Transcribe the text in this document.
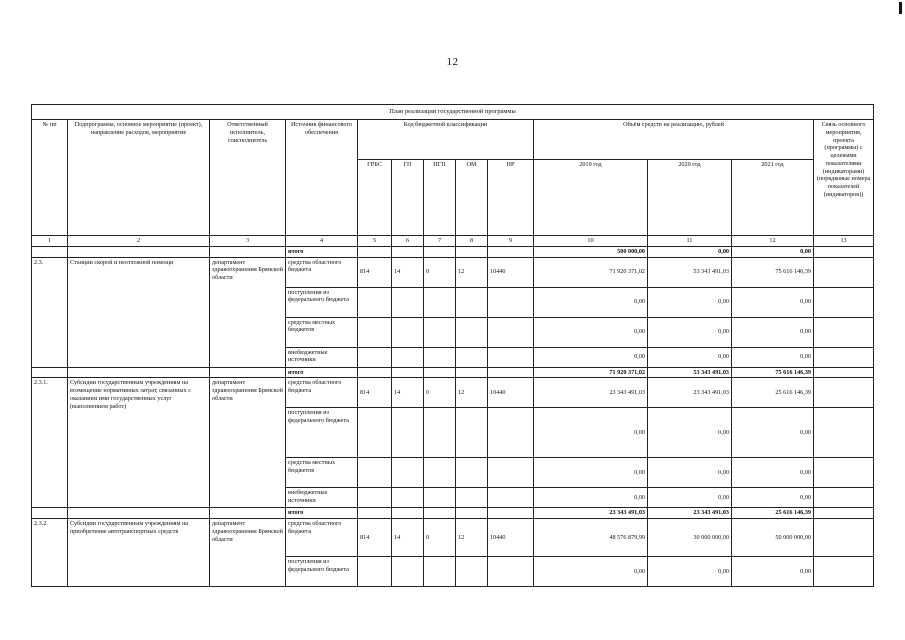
12
План реализации государственной программы												
№ пп	Подпрограмма, основное мероприятие (проект), направление расходов, мероприятие	Ответственный исполнитель, соисполнитель	Источник финансового обеспечения	Код бюджетной классификации					Объём средств на реализацию, рублей			Связь основного мероприятия, проекта (программы) с целевыми показателями (индикаторами) (порядковые номера показателей (индикаторов))
				ГРБС	ГП	ПГП	ОМ	НР	2019 год	2020 год	2021 год	
1	2	3	4	5	6	7	8	9	10	11	12	13
			итого						500 000,00	0,00	0,00	
2.3.	Станции скорой и неотложной помощи	департамент здравоохранения Брянской области	средства областного бюджета	814	14	0	12	10440	71 920 371,02	53 343 491,03	75 616 146,39	
			поступления из федерального бюджета						0,00	0,00	0,00	
			средства местных бюджетов						0,00	0,00	0,00	
			внебюджетные источники						0,00	0,00	0,00	
			итого						71 920 371,02	53 343 491,03	75 616 146,39	
2.3.1.	Субсидии государственным учреждениям на возмещение нормативных затрат, связанных с оказанием ими государственных услуг (выполнением работ)	департамент здравоохранения Брянской области	средства областного бюджета	814	14	0	12	10440	23 343 491,03	23 343 491,03	25 616 146,39	
			поступления из федерального бюджета						0,00	0,00	0,00	
			средства местных бюджетов						0,00	0,00	0,00	
			внебюджетные источники						0,00	0,00	0,00	
			итого						23 343 491,03	23 343 491,03	25 616 146,39	
2.3.2.	Субсидии государственным учреждениям на приобретение автотранспортных средств	департамент здравоохранения Брянской области	средства областного бюджета	814	14	0	12	10440	48 576 879,99	30 000 000,00	50 000 000,00	
			поступления из федерального бюджета						0,00	0,00	0,00	
